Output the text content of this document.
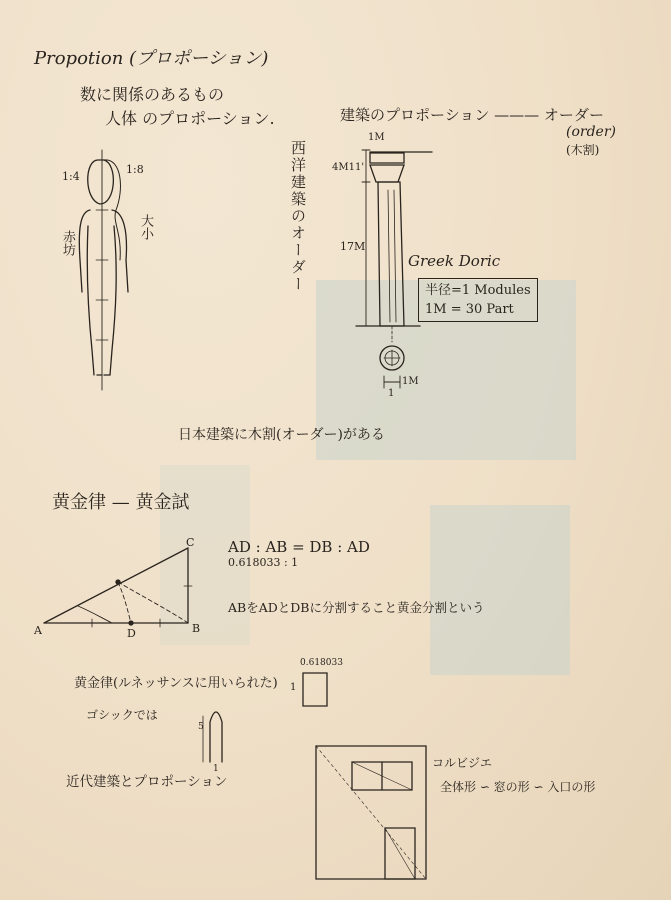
Propotion (プロポーション)
数に関係のあるもの
人体 のプロポーション.	建築のプロポーション ——— オーダー
(order)
(木割)
1:4
1:8
赤坊
大小	西洋建築のオーダー
1M
4M11'
17M
Greek Doric
半径=1 Modules
1M = 30 Part
1M
1
日本建築に木割(オーダー)がある
黄金律 — 黄金試
AD : AB = DB : AD
0.618033 : 1
ABをADとDBに分割すること黄金分割という
A	B
C
D
0.618033
1
黄金律(ルネッサンスに用いられた)
ゴシックでは
5
1
近代建築とプロポーション
コルビジエ
全体形 ∽ 窓の形 ∽ 入口の形
